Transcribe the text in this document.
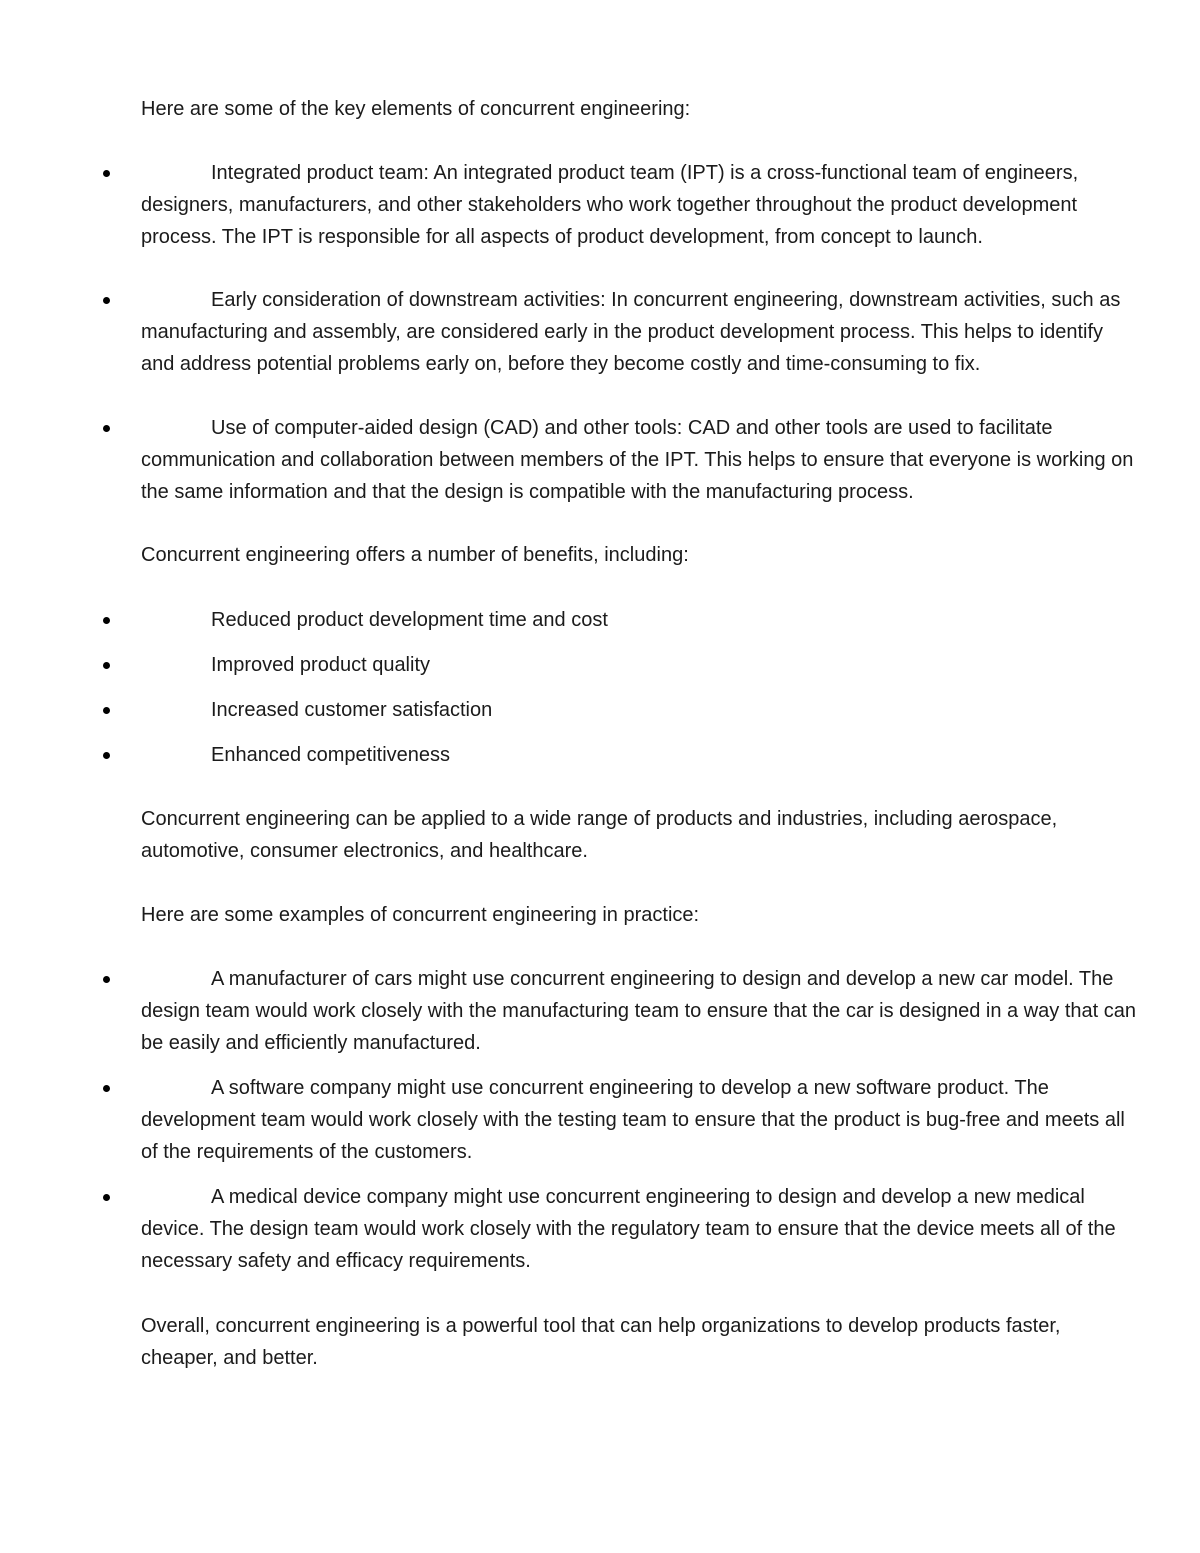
Here are some of the key elements of concurrent engineering:

Integrated product team: An integrated product team (IPT) is a cross-functional team of engineers, designers, manufacturers, and other stakeholders who work together throughout the product development process. The IPT is responsible for all aspects of product development, from concept to launch.
Early consideration of downstream activities: In concurrent engineering, downstream activities, such as manufacturing and assembly, are considered early in the product development process. This helps to identify and address potential problems early on, before they become costly and time-consuming to fix.
Use of computer-aided design (CAD) and other tools: CAD and other tools are used to facilitate communication and collaboration between members of the IPT. This helps to ensure that everyone is working on the same information and that the design is compatible with the manufacturing process.

Concurrent engineering offers a number of benefits, including:

Reduced product development time and cost
Improved product quality
Increased customer satisfaction
Enhanced competitiveness

Concurrent engineering can be applied to a wide range of products and industries, including aerospace, automotive, consumer electronics, and healthcare.

Here are some examples of concurrent engineering in practice:

A manufacturer of cars might use concurrent engineering to design and develop a new car model. The design team would work closely with the manufacturing team to ensure that the car is designed in a way that can be easily and efficiently manufactured.
A software company might use concurrent engineering to develop a new software product. The development team would work closely with the testing team to ensure that the product is bug-free and meets all of the requirements of the customers.
A medical device company might use concurrent engineering to design and develop a new medical device. The design team would work closely with the regulatory team to ensure that the device meets all of the necessary safety and efficacy requirements.

Overall, concurrent engineering is a powerful tool that can help organizations to develop products faster, cheaper, and better.
